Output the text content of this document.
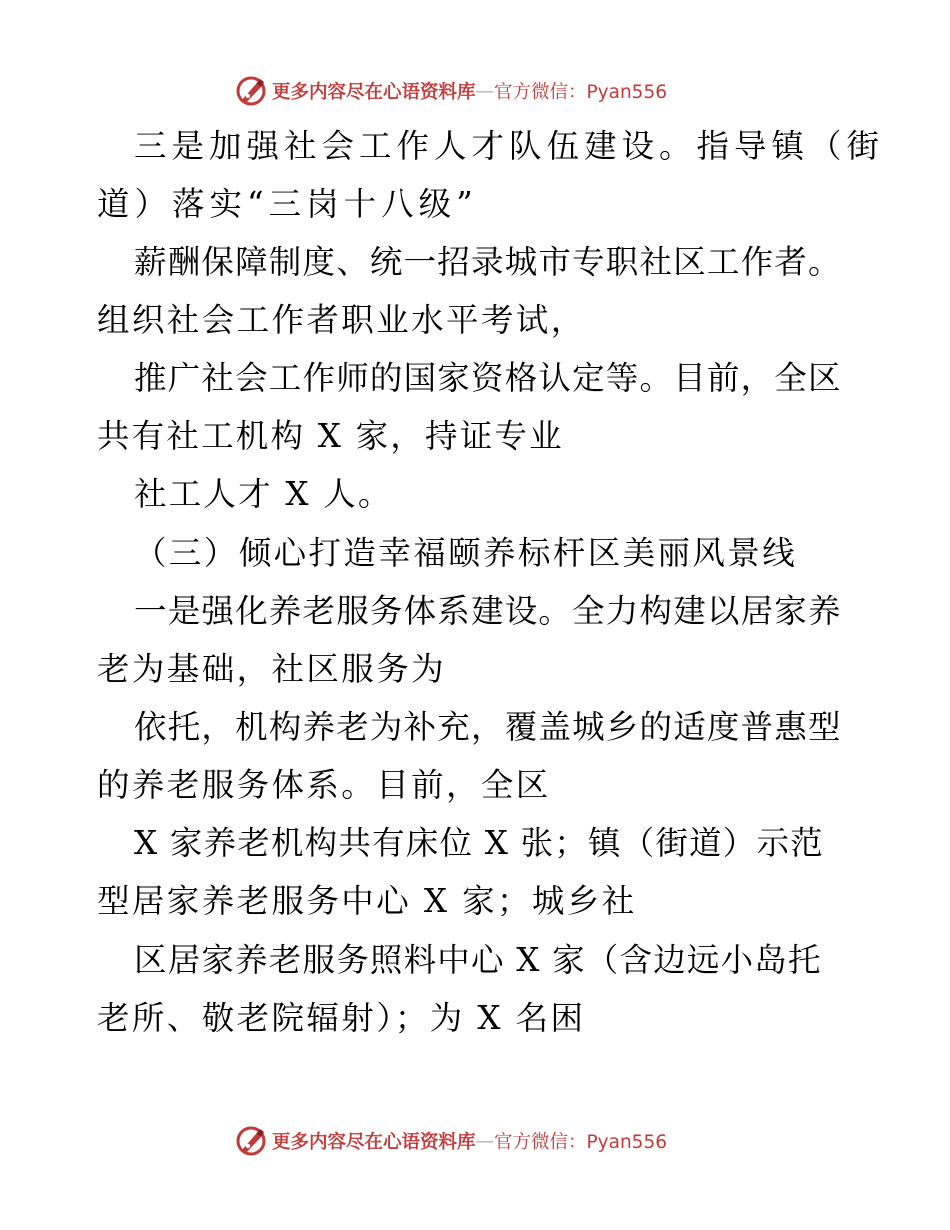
更多内容尽在心语资料库 — 官方微信：Pyan556
三是加强社会工作人才队伍建设。指导镇（街
道）落实“三岗十八级”
薪酬保障制度、统一招录城市专职社区工作者。
组织社会工作者职业水平考试，
推广社会工作师的国家资格认定等。目前，全区
共有社工机构 X 家，持证专业
社工人才 X 人。
（三）倾心打造幸福颐养标杆区美丽风景线
一是强化养老服务体系建设。全力构建以居家养
老为基础，社区服务为
依托，机构养老为补充，覆盖城乡的适度普惠型
的养老服务体系。目前，全区
X 家养老机构共有床位 X 张；镇（街道）示范
型居家养老服务中心 X 家；城乡社
区居家养老服务照料中心 X 家（含边远小岛托
老所、敬老院辐射）；为 X 名困
更多内容尽在心语资料库 — 官方微信：Pyan556
